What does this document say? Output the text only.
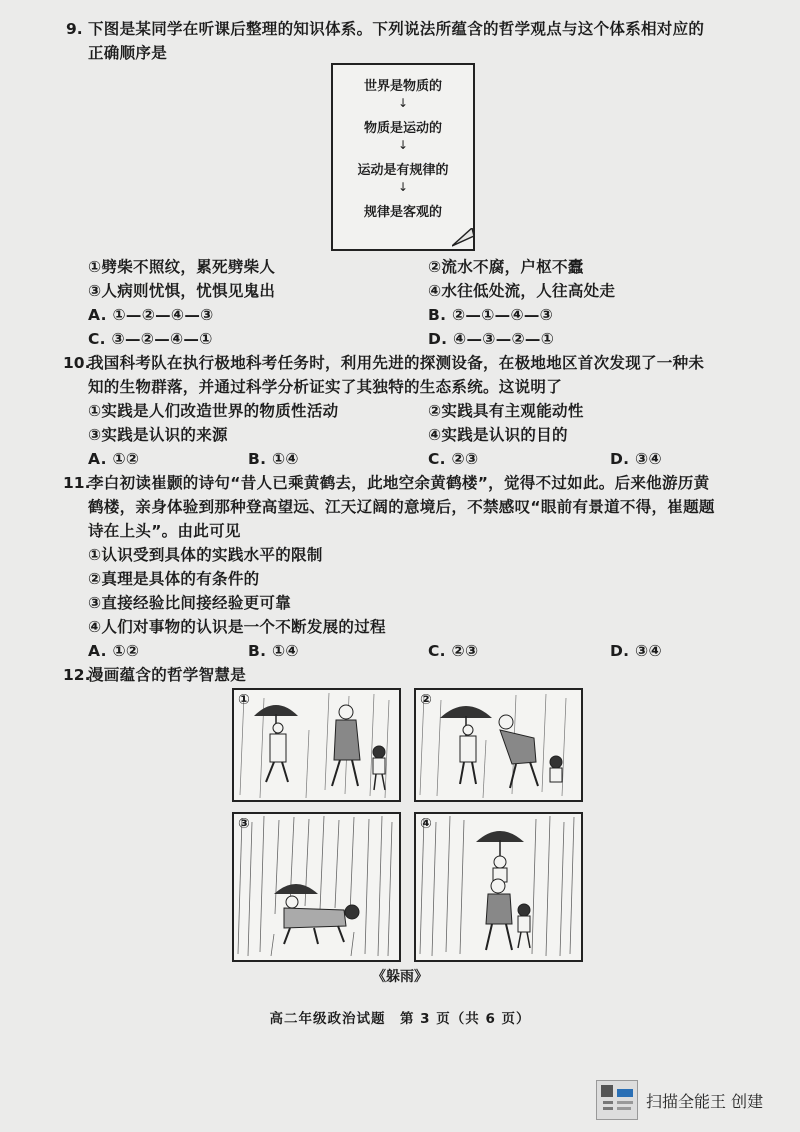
9. 下图是某同学在听课后整理的知识体系。下列说法所蕴含的哲学观点与这个体系相对应的
正确顺序是
世界是物质的
↓
物质是运动的
↓
运动是有规律的
↓
规律是客观的
①劈柴不照纹，累死劈柴人	②流水不腐，户枢不蠹
③人病则忧惧，忧惧见鬼出	④水往低处流，人往高处走
A. ①—②—④—③	B. ②—①—④—③
C. ③—②—④—①	D. ④—③—②—①
10.
我国科考队在执行极地科考任务时，利用先进的探测设备，在极地地区首次发现了一种未
知的生物群落，并通过科学分析证实了其独特的生态系统。这说明了
①实践是人们改造世界的物质性活动	②实践具有主观能动性
③实践是认识的来源	④实践是认识的目的
A. ①②	B. ①④	C. ②③	D. ③④
11.
李白初读崔颢的诗句“昔人已乘黄鹤去，此地空余黄鹤楼”，觉得不过如此。后来他游历黄
鹤楼，亲身体验到那种登高望远、江天辽阔的意境后，不禁感叹“眼前有景道不得，崔题题
诗在上头”。由此可见
①认识受到具体的实践水平的限制
②真理是具体的有条件的
③直接经验比间接经验更可靠
④人们对事物的认识是一个不断发展的过程
A. ①②	B. ①④	C. ②③	D. ③④
12.
漫画蕴含的哲学智慧是
①	②
③	④
《躲雨》
高二年级政治试题　第 3 页（共 6 页）
扫描全能王 创建
